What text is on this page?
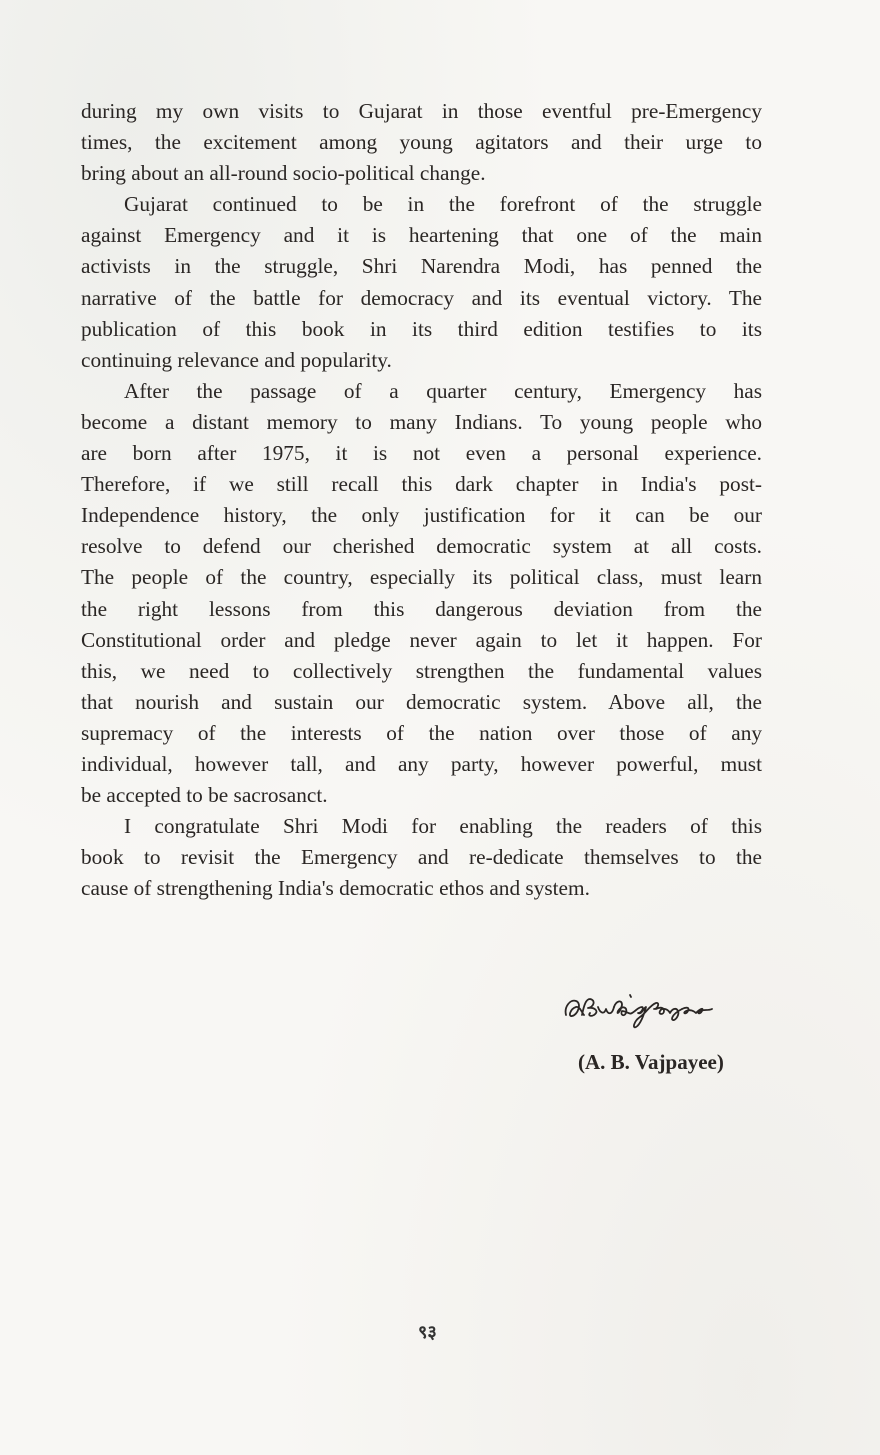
during my own visits to Gujarat in those eventful pre-Emergency
times, the excitement among young agitators and their urge to
bring about an all-round socio-political change.
Gujarat continued to be in the forefront of the struggle
against Emergency and it is heartening that one of the main
activists in the struggle, Shri Narendra Modi, has penned the
narrative of the battle for democracy and its eventual victory. The
publication of this book in its third edition testifies to its
continuing relevance and popularity.
After the passage of a quarter century, Emergency has
become a distant memory to many Indians. To young people who
are born after 1975, it is not even a personal experience.
Therefore, if we still recall this dark chapter in India's post-
Independence history, the only justification for it can be our
resolve to defend our cherished democratic system at all costs.
The people of the country, especially its political class, must learn
the right lessons from this dangerous deviation from the
Constitutional order and pledge never again to let it happen. For
this, we need to collectively strengthen the fundamental values
that nourish and sustain our democratic system. Above all, the
supremacy of the interests of the nation over those of any
individual, however tall, and any party, however powerful, must
be accepted to be sacrosanct.
I congratulate Shri Modi for enabling the readers of this
book to revisit the Emergency and re-dedicate themselves to the
cause of strengthening India's democratic ethos and system.
(A. B. Vajpayee)
९३
